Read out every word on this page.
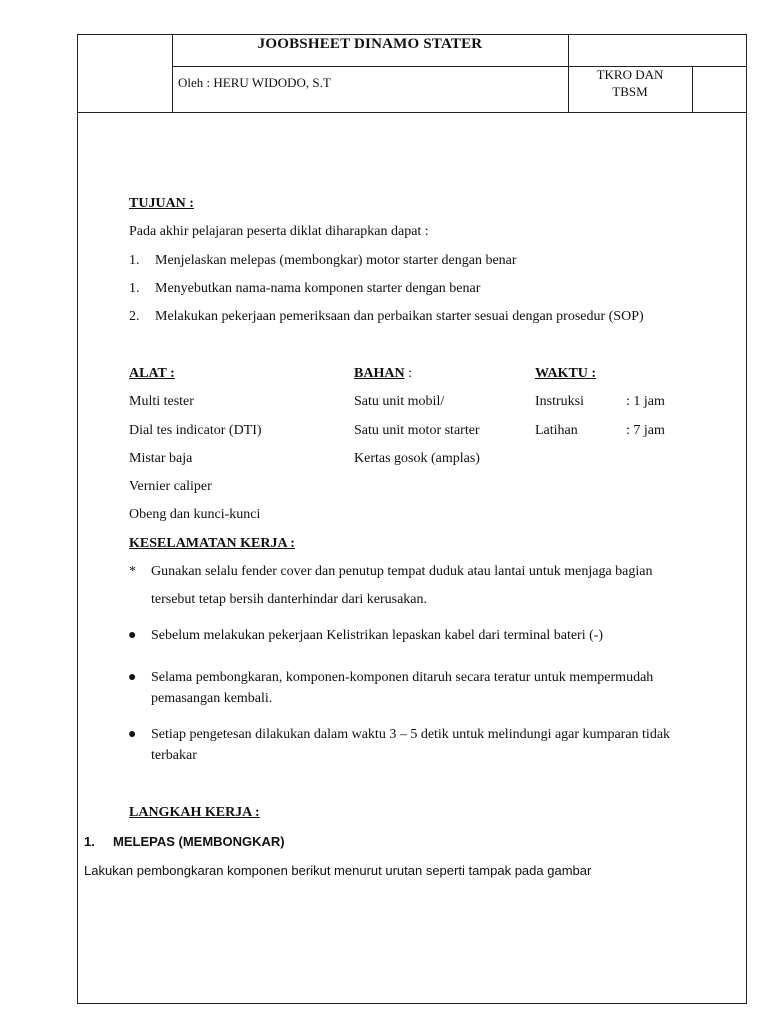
JOOBSHEET DINAMO STATER
Oleh : HERU WIDODO, S.T
TKRO DAN
TBSM
TUJUAN :
Pada akhir pelajaran peserta diklat diharapkan dapat :
1. Menjelaskan melepas (membongkar) motor starter dengan benar
1. Menyebutkan nama-nama komponen starter dengan benar
2. Melakukan pekerjaan pemeriksaan dan perbaikan starter sesuai dengan prosedur (SOP)
ALAT :
Multi tester
Dial tes indicator (DTI)
Mistar baja
Vernier caliper
Obeng dan kunci-kunci
BAHAN :
Satu unit mobil/
Satu unit motor starter
Kertas gosok (amplas)
WAKTU :
Instruksi	: 1 jam
Latihan	: 7 jam
KESELAMATAN KERJA :
* Gunakan selalu fender cover dan penutup tempat duduk atau lantai untuk menjaga bagian
tersebut tetap bersih danterhindar dari kerusakan.
● Sebelum melakukan pekerjaan Kelistrikan lepaskan kabel dari terminal bateri (-)
● Selama pembongkaran, komponen-komponen ditaruh secara teratur untuk mempermudah
pemasangan kembali.
● Setiap pengetesan dilakukan dalam waktu 3 – 5 detik untuk melindungi agar kumparan tidak
terbakar
LANGKAH KERJA :
1. MELEPAS (MEMBONGKAR)
Lakukan pembongkaran komponen berikut menurut urutan seperti tampak pada gambar
